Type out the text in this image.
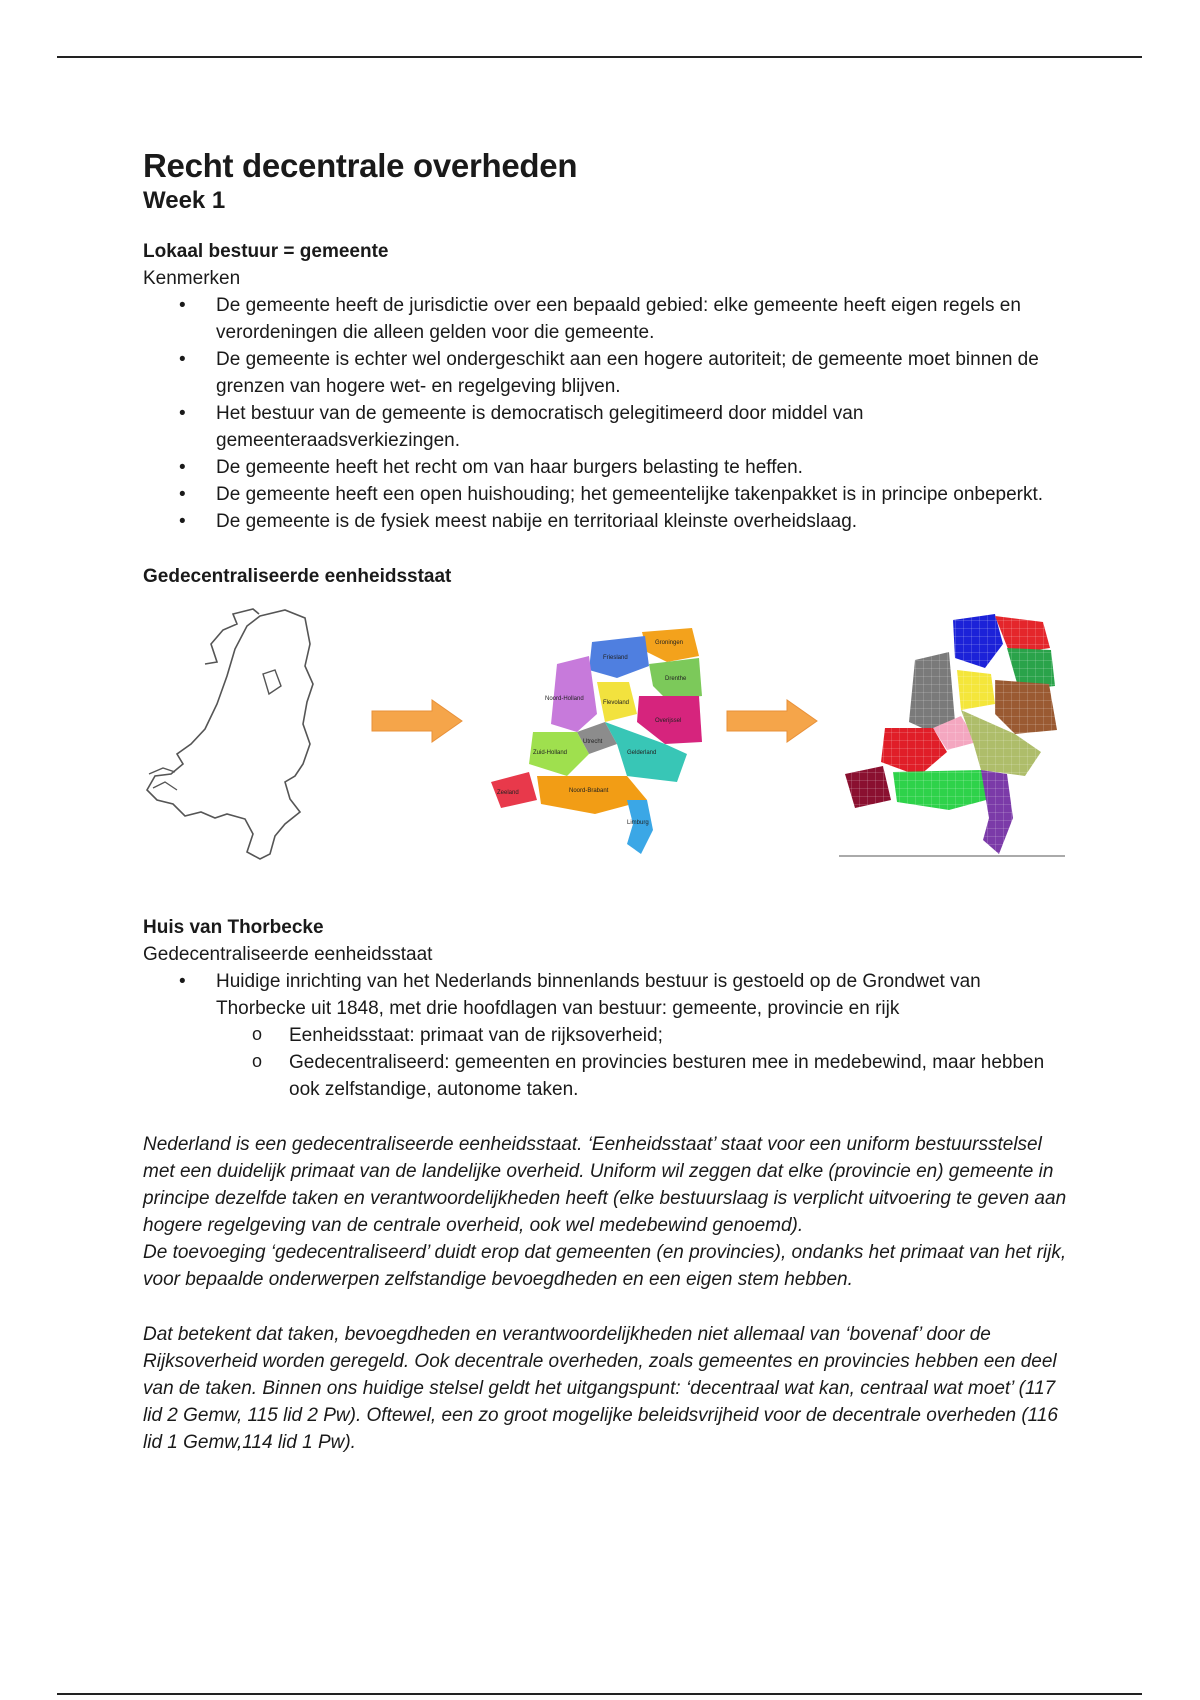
Recht decentrale overheden
Week 1

Lokaal bestuur = gemeente

Kenmerken

• De gemeente heeft de jurisdictie over een bepaald gebied: elke gemeente heeft eigen regels en verordeningen die alleen gelden voor die gemeente.
• De gemeente is echter wel ondergeschikt aan een hogere autoriteit; de gemeente moet binnen de grenzen van hogere wet- en regelgeving blijven.
• Het bestuur van de gemeente is democratisch gelegitimeerd door middel van gemeenteraadsverkiezingen.
• De gemeente heeft het recht om van haar burgers belasting te heffen.
• De gemeente heeft een open huishouding; het gemeentelijke takenpakket is in principe onbeperkt.
• De gemeente is de fysiek meest nabije en territoriaal kleinste overheidslaag.

Gedecentraliseerde eenheidsstaat

Groningen
Friesland
Drenthe
Noord-Holland
Flevoland
Overijssel
Utrecht
Gelderland
Zuid-Holland
Zeeland	Noord-Brabant
Limburg

Huis van Thorbecke

Gedecentraliseerde eenheidsstaat

• Huidige inrichting van het Nederlands binnenlands bestuur is gestoeld op de Grondwet van Thorbecke uit 1848, met drie hoofdlagen van bestuur: gemeente, provincie en rijk
o Eenheidsstaat: primaat van de rijksoverheid;
o Gedecentraliseerd: gemeenten en provincies besturen mee in medebewind, maar hebben ook zelfstandige, autonome taken.

Nederland is een gedecentraliseerde eenheidsstaat. ‘Eenheidsstaat’ staat voor een uniform bestuursstelsel met een duidelijk primaat van de landelijke overheid. Uniform wil zeggen dat elke (provincie en) gemeente in principe dezelfde taken en verantwoordelijkheden heeft (elke bestuurslaag is verplicht uitvoering te geven aan hogere regelgeving van de centrale overheid, ook wel medebewind genoemd).

De toevoeging ‘gedecentraliseerd’ duidt erop dat gemeenten (en provincies), ondanks het primaat van het rijk, voor bepaalde onderwerpen zelfstandige bevoegdheden en een eigen stem hebben.

Dat betekent dat taken, bevoegdheden en verantwoordelijkheden niet allemaal van ‘bovenaf’ door de Rijksoverheid worden geregeld. Ook decentrale overheden, zoals gemeentes en provincies hebben een deel van de taken. Binnen ons huidige stelsel geldt het uitgangspunt: ‘decentraal wat kan, centraal wat moet’ (117 lid 2 Gemw, 115 lid 2 Pw). Oftewel, een zo groot mogelijke beleidsvrijheid voor de decentrale overheden (116 lid 1 Gemw,114 lid 1 Pw).
